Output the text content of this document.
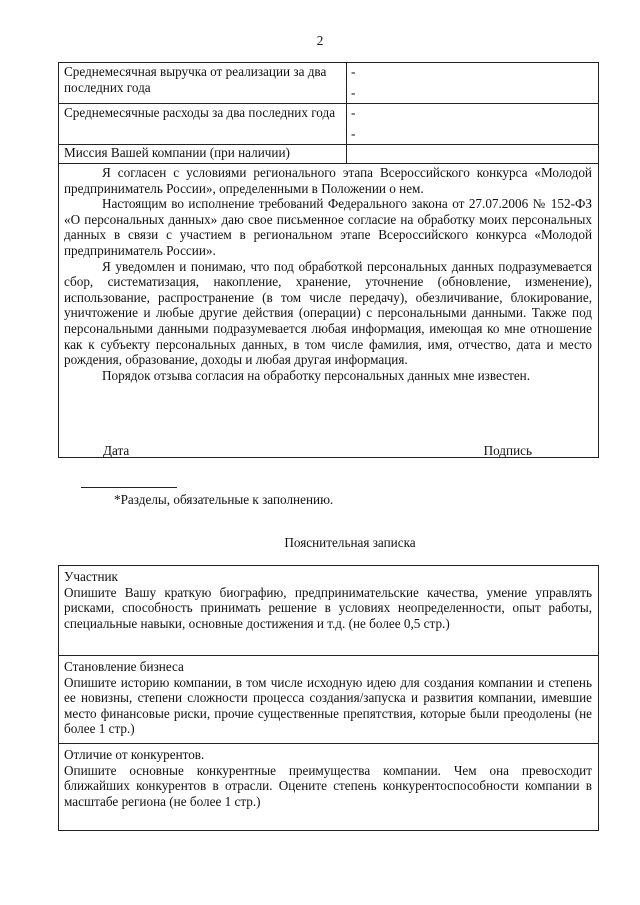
2
Среднемесячная выручка от реализации за два последних года
-
-
Среднемесячные расходы за два последних года	-
-
Миссия Вашей компании (при наличии)

Я согласен с условиями регионального этапа Всероссийского конкурса «Молодой предприниматель России», определенными в Положении о нем.

Настоящим во исполнение требований Федерального закона от 27.07.2006 № 152-ФЗ «О персональных данных» даю свое письменное согласие на обработку моих персональных данных в связи с участием в региональном этапе Всероссийского конкурса «Молодой предприниматель России».

Я уведомлен и понимаю, что под обработкой персональных данных подразумевается сбор, систематизация, накопление, хранение, уточнение (обновление, изменение), использование, распространение (в том числе передачу), обезличивание, блокирование, уничтожение и любые другие действия (операции) с персональными данными. Также под персональными данными подразумевается любая информация, имеющая ко мне отношение как к субъекту персональных данных, в том числе фамилия, имя, отчество, дата и место рождения, образование, доходы и любая другая информация.

Порядок отзыва согласия на обработку персональных данных мне известен.

Дата	Подпись
*Разделы, обязательные к заполнению.
Пояснительная записка

Участник

Опишите Вашу краткую биографию, предпринимательские качества, умение управлять рисками, способность принимать решение в условиях неопределенности, опыт работы, специальные навыки, основные достижения и т.д. (не более 0,5 стр.)

Становление бизнеса

Опишите историю компании, в том числе исходную идею для создания компании и степень ее новизны, степени сложности процесса создания/запуска и развития компании, имевшие место финансовые риски, прочие существенные препятствия, которые были преодолены (не более 1 стр.)

Отличие от конкурентов.

Опишите основные конкурентные преимущества компании. Чем она превосходит ближайших конкурентов в отрасли. Оцените степень конкурентоспособности компании в масштабе региона (не более 1 стр.)
